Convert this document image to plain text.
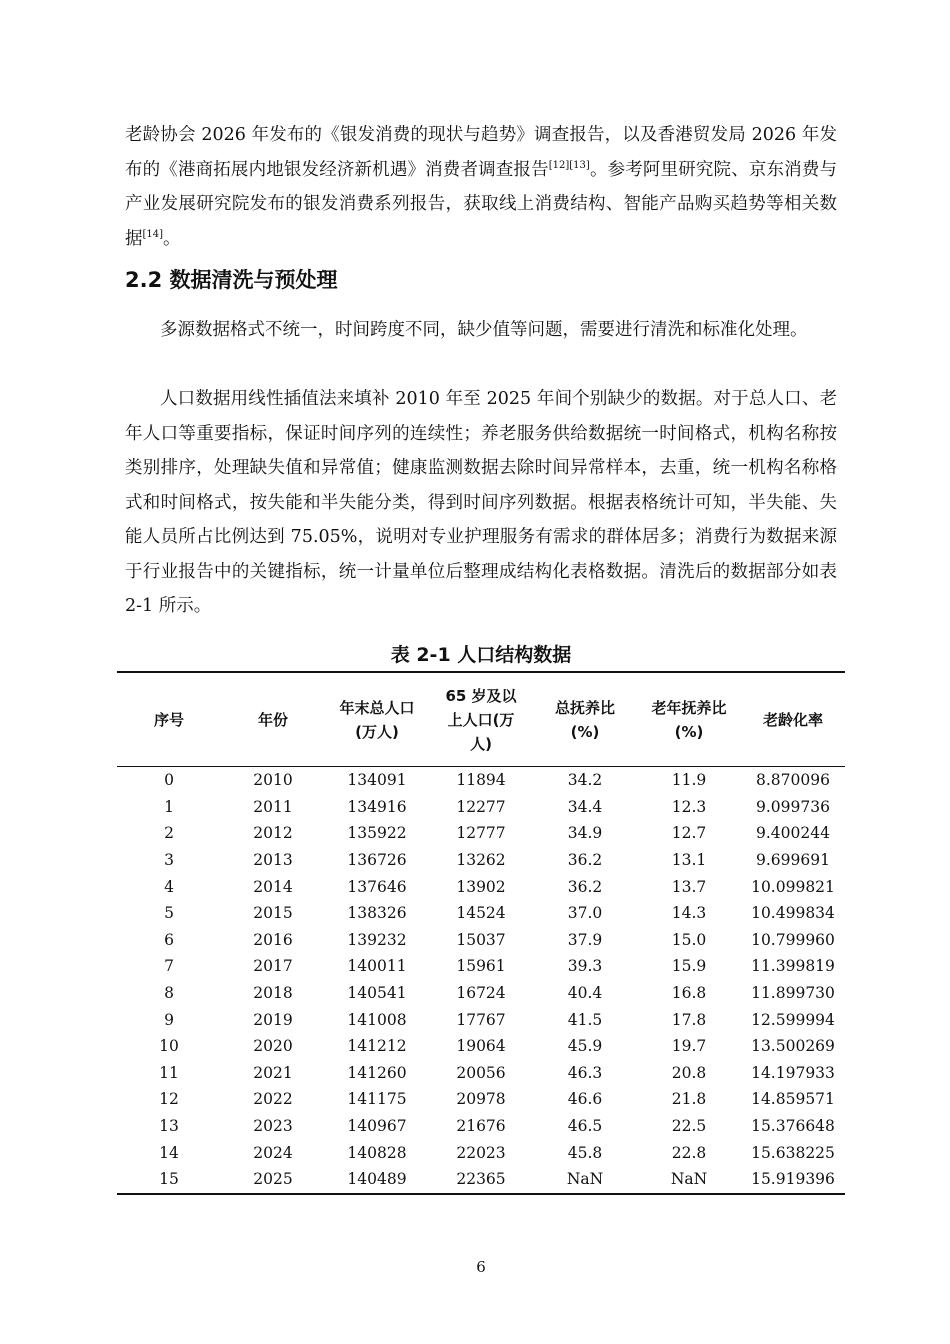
老龄协会 2026 年发布的《银发消费的现状与趋势》调查报告，以及香港贸发局 2026 年发布的《港商拓展内地银发经济新机遇》消费者调查报告[12][13]。参考阿里研究院、京东消费与产业发展研究院发布的银发消费系列报告，获取线上消费结构、智能产品购买趋势等相关数据[14]。

2.2 数据清洗与预处理

多源数据格式不统一，时间跨度不同，缺少值等问题，需要进行清洗和标准化处理。

人口数据用线性插值法来填补 2010 年至 2025 年间个别缺少的数据。对于总人口、老年人口等重要指标，保证时间序列的连续性；养老服务供给数据统一时间格式，机构名称按类别排序，处理缺失值和异常值；健康监测数据去除时间异常样本，去重，统一机构名称格式和时间格式，按失能和半失能分类，得到时间序列数据。根据表格统计可知，半失能、失能人员所占比例达到 75.05%，说明对专业护理服务有需求的群体居多；消费行为数据来源于行业报告中的关键指标，统一计量单位后整理成结构化表格数据。清洗后的数据部分如表 2-1 所示。

表 2-1 人口结构数据
序号	年份	年末总人口(万人)	65 岁及以上人口(万人)	总抚养比(%)	老年抚养比(%)	老龄化率
0	2010	134091	11894	34.2	11.9	8.870096
1	2011	134916	12277	34.4	12.3	9.099736
2	2012	135922	12777	34.9	12.7	9.400244
3	2013	136726	13262	36.2	13.1	9.699691
4	2014	137646	13902	36.2	13.7	10.099821
5	2015	138326	14524	37.0	14.3	10.499834
6	2016	139232	15037	37.9	15.0	10.799960
7	2017	140011	15961	39.3	15.9	11.399819
8	2018	140541	16724	40.4	16.8	11.899730
9	2019	141008	17767	41.5	17.8	12.599994
10	2020	141212	19064	45.9	19.7	13.500269
11	2021	141260	20056	46.3	20.8	14.197933
12	2022	141175	20978	46.6	21.8	14.859571
13	2023	140967	21676	46.5	22.5	15.376648
14	2024	140828	22023	45.8	22.8	15.638225
15	2025	140489	22365	NaN	NaN	15.919396
6
